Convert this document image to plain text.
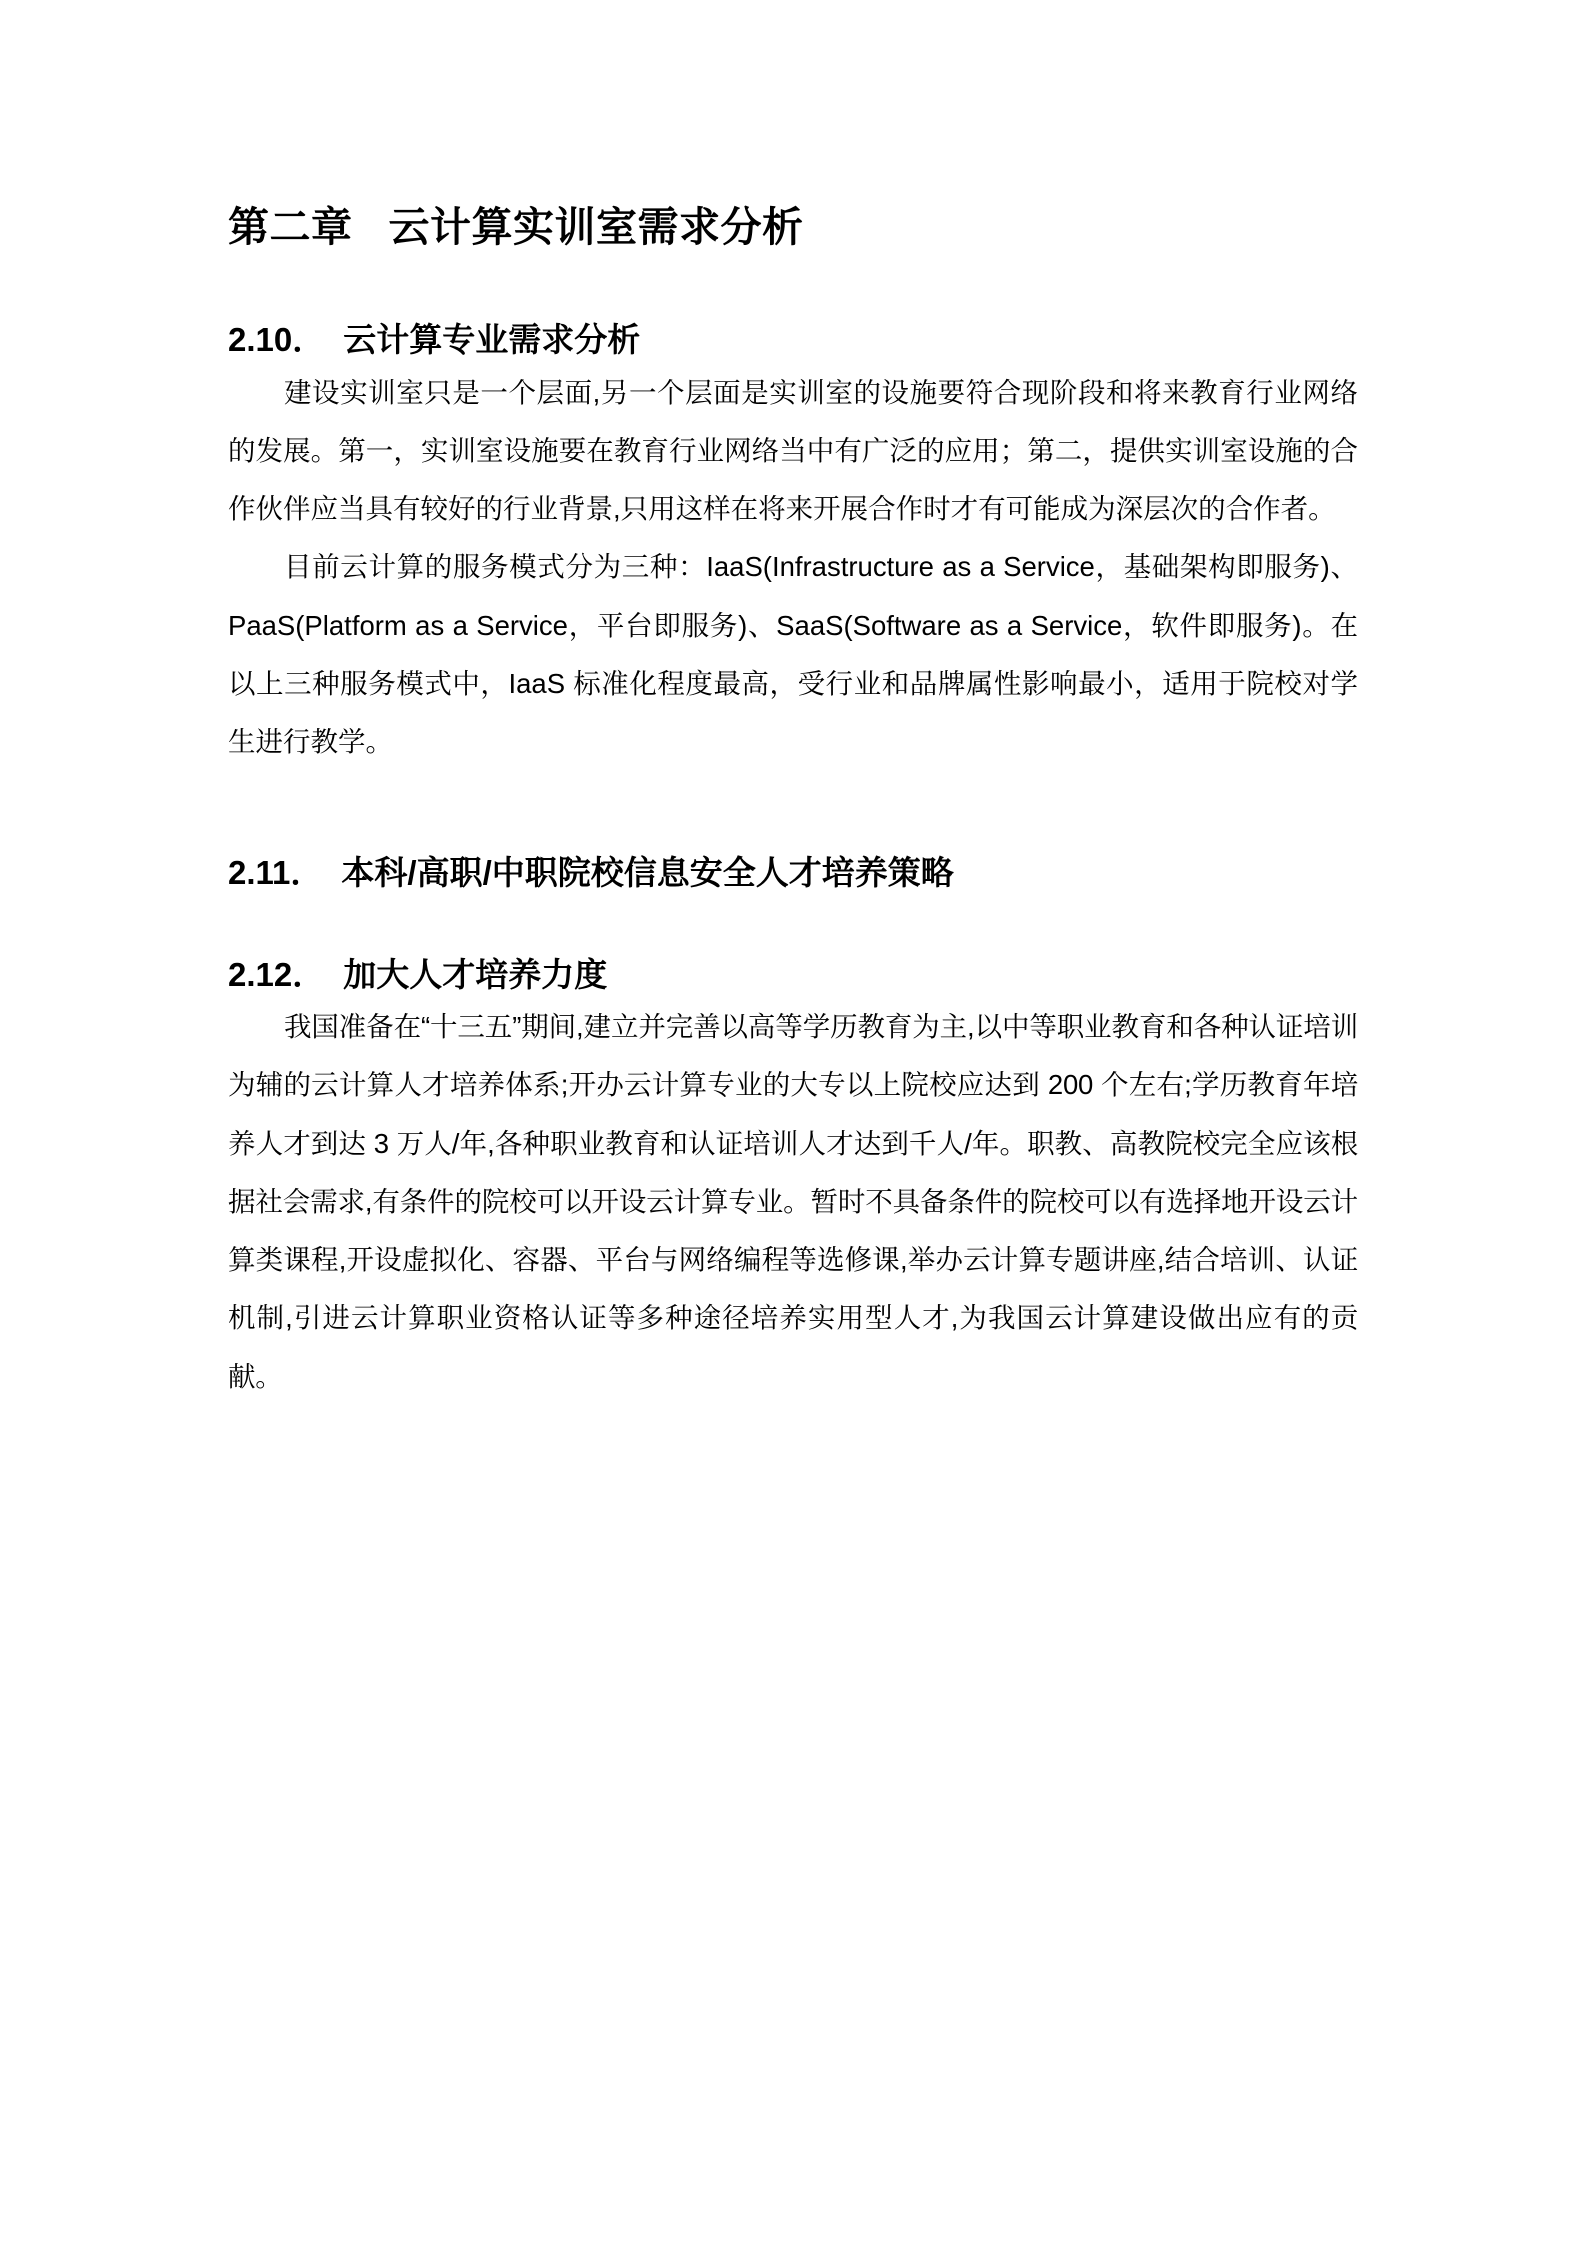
第二章 云计算实训室需求分析
2.10． 云计算专业需求分析

建设实训室只是一个层面,另一个层面是实训室的设施要符合现阶段和将来教育行业网络的发展。第一，实训室设施要在教育行业网络当中有广泛的应用；第二，提供实训室设施的合作伙伴应当具有较好的行业背景,只用这样在将来开展合作时才有可能成为深层次的合作者。

目前云计算的服务模式分为三种：IaaS(Infrastructure as a Service，基础架构即服务)、PaaS(Platform as a Service，平台即服务)、SaaS(Software as a Service，软件即服务)。在以上三种服务模式中，IaaS 标准化程度最高，受行业和品牌属性影响最小，适用于院校对学生进行教学。

2.11． 本科/高职/中职院校信息安全人才培养策略
2.12． 加大人才培养力度

我国准备在“十三五”期间,建立并完善以高等学历教育为主,以中等职业教育和各种认证培训为辅的云计算人才培养体系;开办云计算专业的大专以上院校应达到 200 个左右;学历教育年培养人才到达 3 万人/年,各种职业教育和认证培训人才达到千人/年。职教、高教院校完全应该根据社会需求,有条件的院校可以开设云计算专业。暂时不具备条件的院校可以有选择地开设云计算类课程,开设虚拟化、容器、平台与网络编程等选修课,举办云计算专题讲座,结合培训、认证机制,引进云计算职业资格认证等多种途径培养实用型人才,为我国云计算建设做出应有的贡献。
